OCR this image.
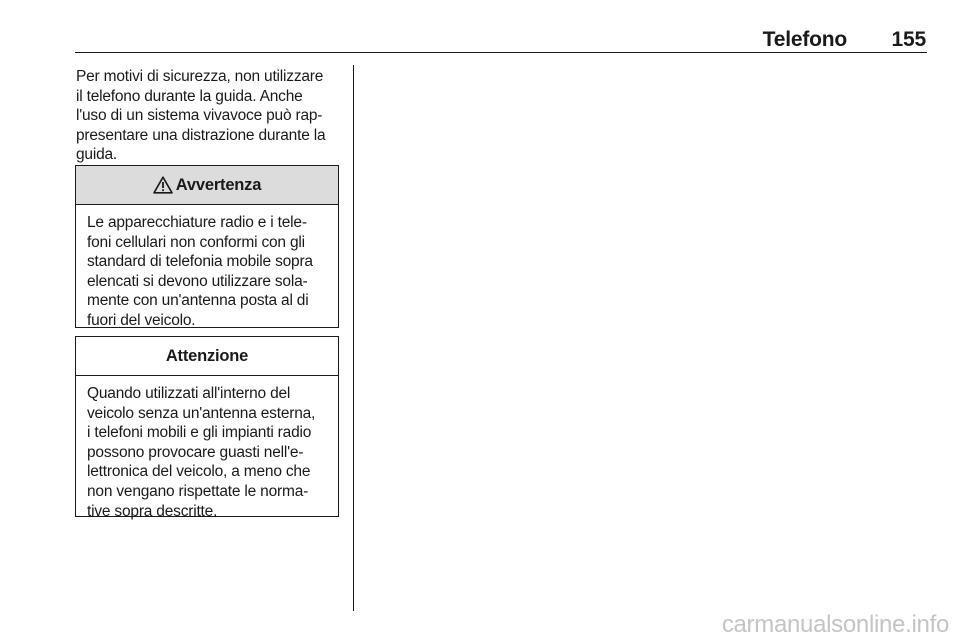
Telefono	155
Per motivi di sicurezza, non utilizzare
il telefono durante la guida. Anche
l'uso di un sistema vivavoce può rap-
presentare una distrazione durante la
guida.
Avvertenza
Le apparecchiature radio e i tele-
foni cellulari non conformi con gli
standard di telefonia mobile sopra
elencati si devono utilizzare sola-
mente con un'antenna posta al di
fuori del veicolo.
Attenzione
Quando utilizzati all'interno del
veicolo senza un'antenna esterna,
i telefoni mobili e gli impianti radio
possono provocare guasti nell'e-
lettronica del veicolo, a meno che
non vengano rispettate le norma-
tive sopra descritte.
carmanualsonline.info
